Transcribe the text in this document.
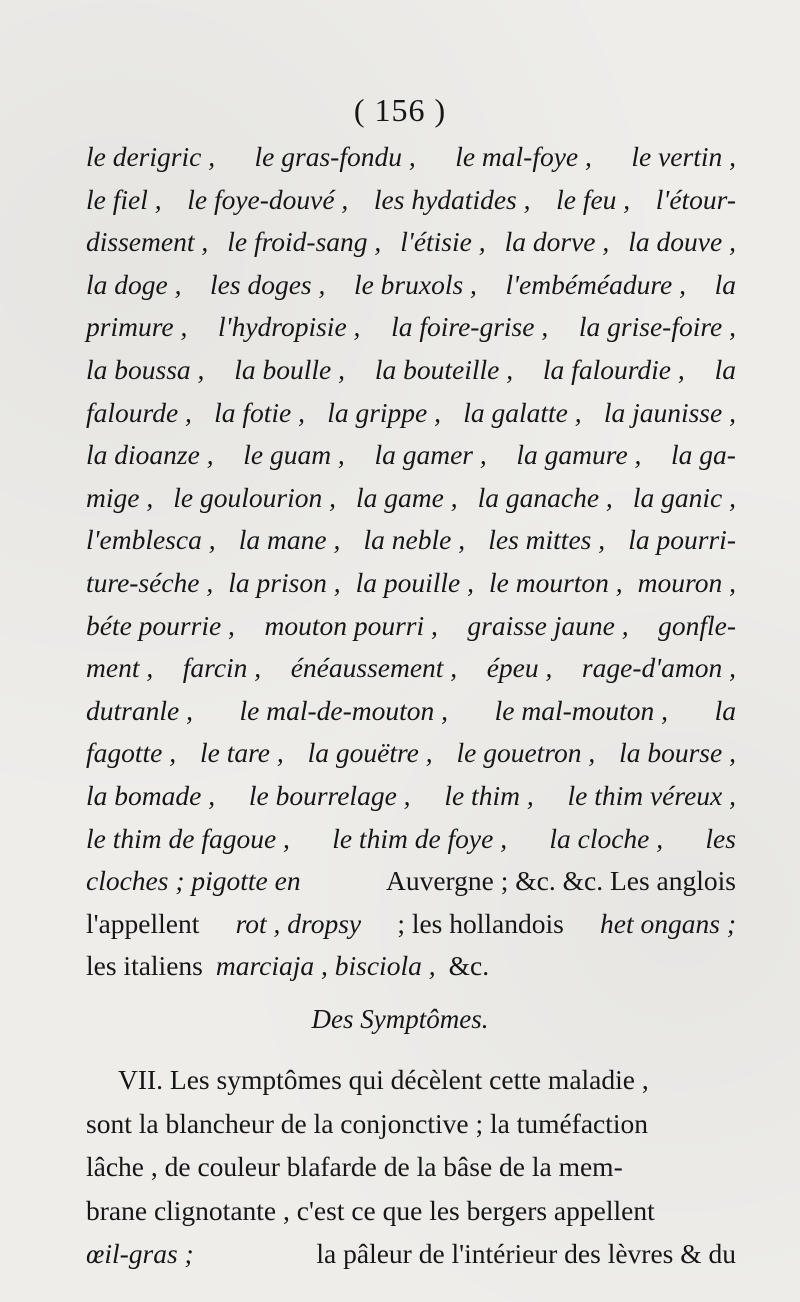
( 156 )
le derigric , le gras-fondu , le mal-foye , le vertin ,
le fiel , le foye-douvé , les hydatides , le feu , l'étour-
dissement , le froid-sang , l'étisie , la dorve , la douve ,
la doge , les doges , le bruxols , l'embéméadure , la
primure , l'hydropisie , la foire-grise , la grise-foire ,
la boussa , la boulle , la bouteille , la falourdie , la
falourde , la fotie , la grippe , la galatte , la jaunisse ,
la dioanze , le guam , la gamer , la gamure , la ga-
mige , le goulourion , la game , la ganache , la ganic ,
l'emblesca , la mane , la neble , les mittes , la pourri-
ture-séche , la prison , la pouille , le mourton , mouron ,
béte pourrie , mouton pourri , graisse jaune , gonfle-
ment , farcin , énéaussement , épeu , rage-d'amon ,
dutranle , le mal-de-mouton , le mal-mouton , la
fagotte , le tare , la gouëtre , le gouetron , la bourse ,
la bomade , le bourrelage , le thim , le thim véreux ,
le thim de fagoue , le thim de foye , la cloche , les
cloches ; pigotte en	Auvergne ; &c. &c. Les anglois
l'appellent rot , dropsy ; les hollandois het ongans ;
les italiens marciaja , bisciola , &c.
Des Symptômes.
VII. Les symptômes qui décèlent cette maladie ,
sont la blancheur de la conjonctive ; la tuméfaction
lâche , de couleur blafarde de la bâse de la mem-
brane clignotante , c'est ce que les bergers appellent
œil-gras ;	la pâleur de l'intérieur des lèvres & du
